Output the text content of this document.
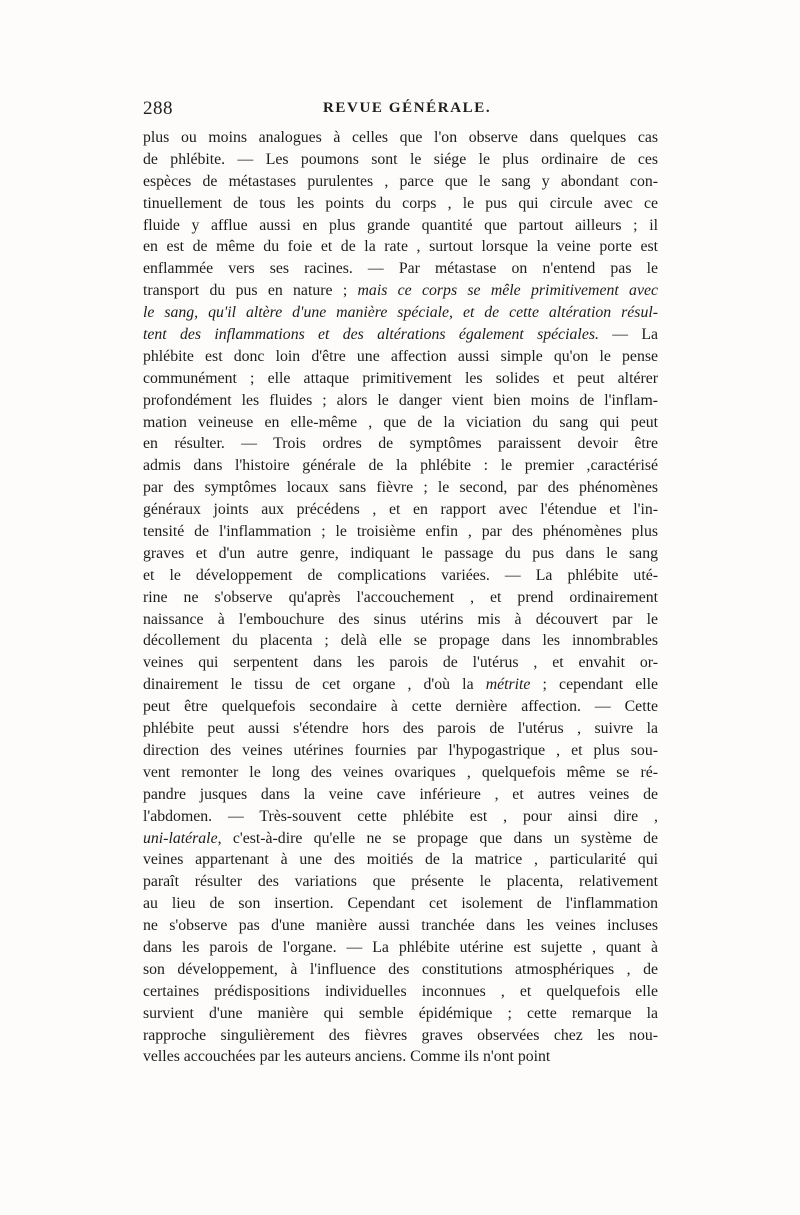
288	REVUE GÉNÉRALE.
plus ou moins analogues à celles que l'on observe dans quelques cas
de phlébite. — Les poumons sont le siége le plus ordinaire de ces
espèces de métastases purulentes , parce que le sang y abondant con-
tinuellement de tous les points du corps , le pus qui circule avec ce
fluide y afflue aussi en plus grande quantité que partout ailleurs ; il
en est de même du foie et de la rate , surtout lorsque la veine porte est
enflammée vers ses racines. — Par métastase on n'entend pas le
transport du pus en nature ; mais ce corps se mêle primitivement avec
le sang, qu'il altère d'une manière spéciale, et de cette altération résul-
tent des inflammations et des altérations également spéciales. — La
phlébite est donc loin d'être une affection aussi simple qu'on le pense
communément ; elle attaque primitivement les solides et peut altérer
profondément les fluides ; alors le danger vient bien moins de l'inflam-
mation veineuse en elle-même , que de la viciation du sang qui peut
en résulter. — Trois ordres de symptômes paraissent devoir être
admis dans l'histoire générale de la phlébite : le premier ,caractérisé
par des symptômes locaux sans fièvre ; le second, par des phénomènes
généraux joints aux précédens , et en rapport avec l'étendue et l'in-
tensité de l'inflammation ; le troisième enfin , par des phénomènes plus
graves et d'un autre genre, indiquant le passage du pus dans le sang
et le développement de complications variées. — La phlébite uté-
rine ne s'observe qu'après l'accouchement , et prend ordinairement
naissance à l'embouchure des sinus utérins mis à découvert par le
décollement du placenta ; delà elle se propage dans les innombrables
veines qui serpentent dans les parois de l'utérus , et envahit or-
dinairement le tissu de cet organe , d'où la métrite ; cependant elle
peut être quelquefois secondaire à cette dernière affection. — Cette
phlébite peut aussi s'étendre hors des parois de l'utérus , suivre la
direction des veines utérines fournies par l'hypogastrique , et plus sou-
vent remonter le long des veines ovariques , quelquefois même se ré-
pandre jusques dans la veine cave inférieure , et autres veines de
l'abdomen. — Très-souvent cette phlébite est , pour ainsi dire ,
uni-latérale, c'est-à-dire qu'elle ne se propage que dans un système de
veines appartenant à une des moitiés de la matrice , particularité qui
paraît résulter des variations que présente le placenta, relativement
au lieu de son insertion. Cependant cet isolement de l'inflammation
ne s'observe pas d'une manière aussi tranchée dans les veines incluses
dans les parois de l'organe. — La phlébite utérine est sujette , quant à
son développement, à l'influence des constitutions atmosphériques , de
certaines prédispositions individuelles inconnues , et quelquefois elle
survient d'une manière qui semble épidémique ; cette remarque la
rapproche singulièrement des fièvres graves observées chez les nou-
velles accouchées par les auteurs anciens. Comme ils n'ont point
